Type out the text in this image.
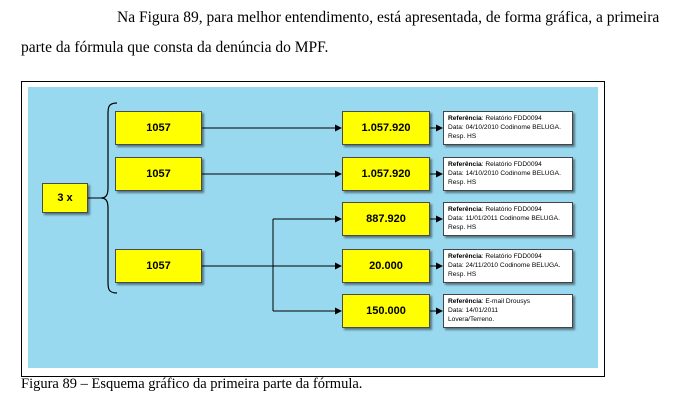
Na Figura 89, para melhor entendimento, está apresentada, de forma gráfica, a primeira parte da fórmula que consta da denúncia do MPF.

3 x
1057
1057
1057
1.057.920
1.057.920
887.920
20.000
150.000
Referência: Relatório FDD0094
Data: 04/10/2010 Codinome BELUGA.
Resp. HS
Referência: Relatório FDD0094
Data: 14/10/2010 Codinome BELUGA.
Resp. HS
Referência: Relatório FDD0094
Data: 11/01/2011 Codinome BELUGA.
Resp. HS
Referência: Relatório FDD0094
Data: 24/11/2010 Codinome BELUGA.
Resp. HS
Referência: E-mail Drousys
Data: 14/01/2011
Lovera/Terreno.

Figura 89 – Esquema gráfico da primeira parte da fórmula.
